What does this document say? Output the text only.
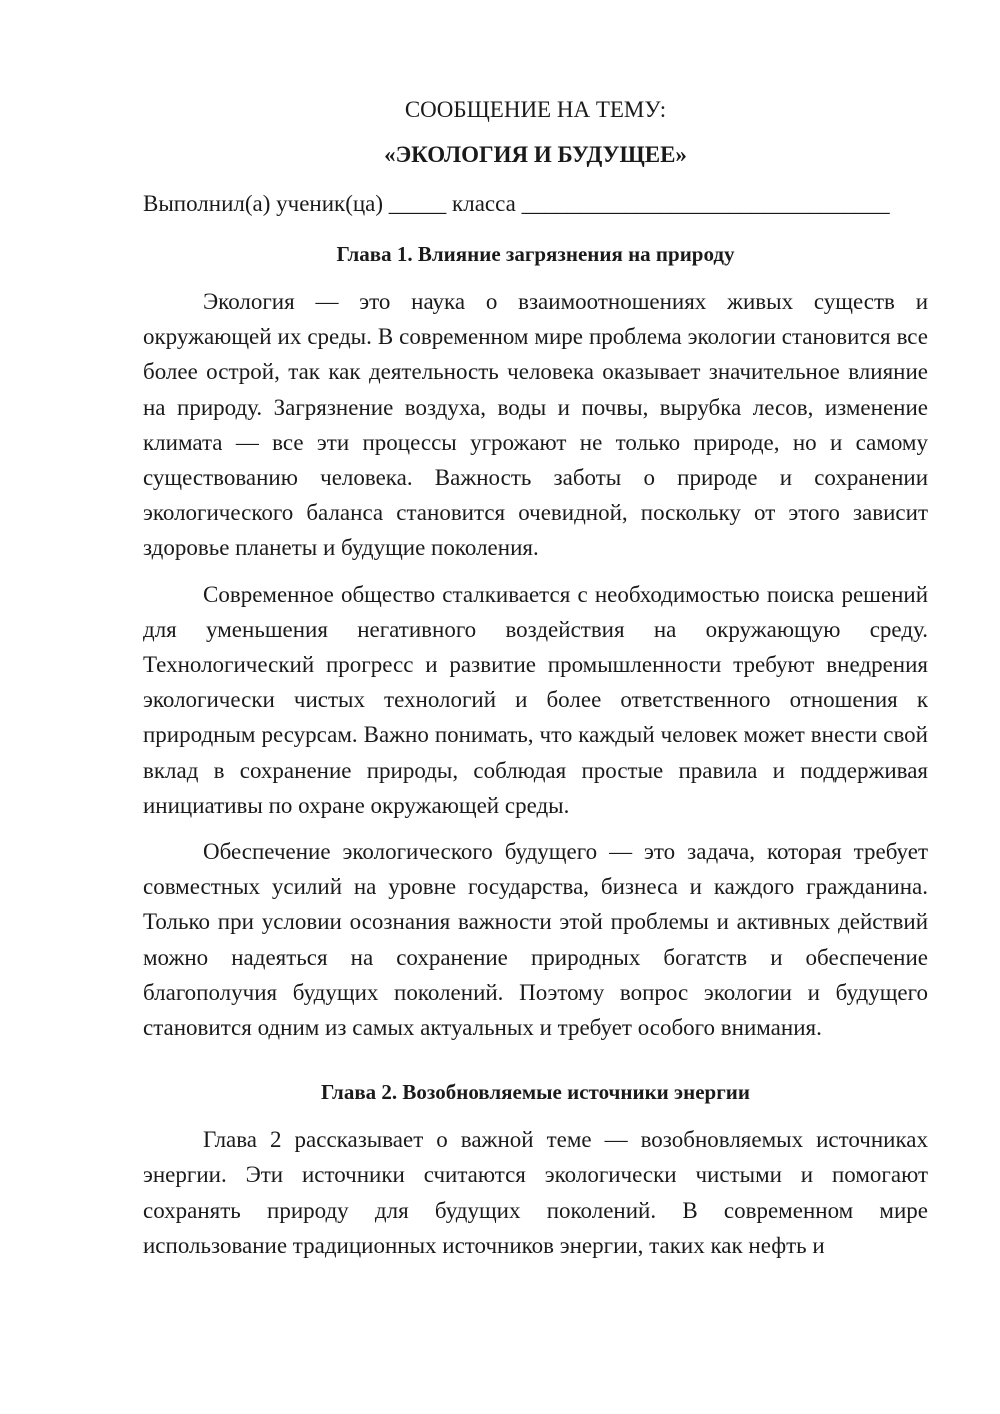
СООБЩЕНИЕ НА ТЕМУ:

«ЭКОЛОГИЯ И БУДУЩЕЕ»

Выполнил(а) ученик(ца) _____ класса ________________________________

Глава 1. Влияние загрязнения на природу

Экология — это наука о взаимоотношениях живых существ и окружающей их среды. В современном мире проблема экологии становится все более острой, так как деятельность человека оказывает значительное влияние на природу. Загрязнение воздуха, воды и почвы, вырубка лесов, изменение климата — все эти процессы угрожают не только природе, но и самому существованию человека. Важность заботы о природе и сохранении экологического баланса становится очевидной, поскольку от этого зависит здоровье планеты и будущие поколения.

Современное общество сталкивается с необходимостью поиска решений для уменьшения негативного воздействия на окружающую среду. Технологический прогресс и развитие промышленности требуют внедрения экологически чистых технологий и более ответственного отношения к природным ресурсам. Важно понимать, что каждый человек может внести свой вклад в сохранение природы, соблюдая простые правила и поддерживая инициативы по охране окружающей среды.

Обеспечение экологического будущего — это задача, которая требует совместных усилий на уровне государства, бизнеса и каждого гражданина. Только при условии осознания важности этой проблемы и активных действий можно надеяться на сохранение природных богатств и обеспечение благополучия будущих поколений. Поэтому вопрос экологии и будущего становится одним из самых актуальных и требует особого внимания.

Глава 2. Возобновляемые источники энергии

Глава 2 рассказывает о важной теме — возобновляемых источниках энергии. Эти источники считаются экологически чистыми и помогают сохранять природу для будущих поколений. В современном мире использование традиционных источников энергии, таких как нефть и
